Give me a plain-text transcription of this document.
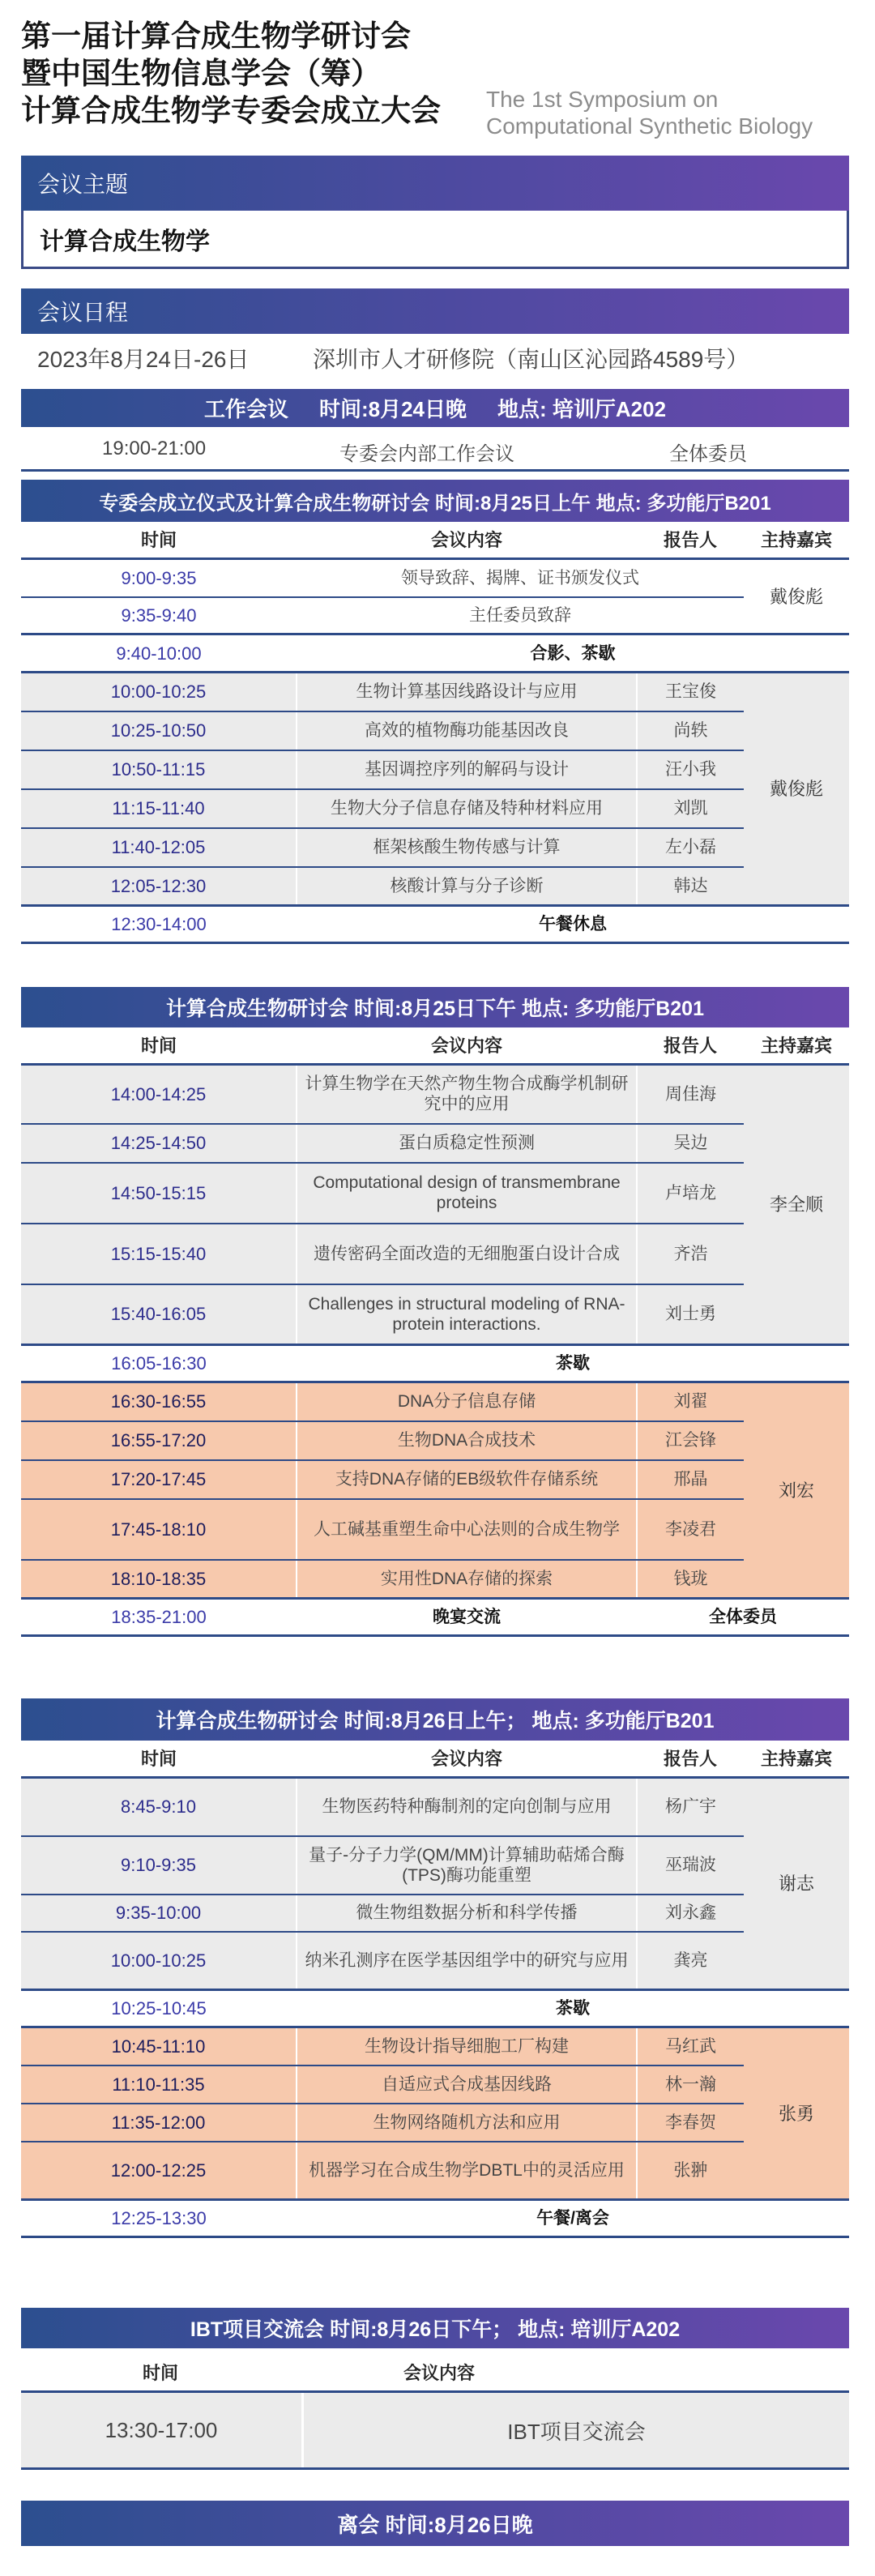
第一届计算合成生物学研讨会
暨中国生物信息学会（筹）
计算合成生物学专委会成立大会	The 1st Symposium on
Computational Synthetic Biology
会议主题
计算合成生物学
会议日程
2023年8月24日-26日	深圳市人才研修院（南山区沁园路4589号）
工作会议 时间:8月24日晚 地点: 培训厅A202
19:00-21:00	专委会内部工作会议	全体委员
专委会成立仪式及计算合成生物研讨会 时间:8月25日上午 地点: 多功能厅B201
时间	会议内容	报告人	主持嘉宾
9:00-9:35	领导致辞、揭牌、证书颁发仪式		戴俊彪
9:35-9:40	主任委员致辞		
9:40-10:00	合影、茶歇		
10:00-10:25	生物计算基因线路设计与应用	王宝俊	戴俊彪
10:25-10:50	高效的植物酶功能基因改良	尚轶	
10:50-11:15	基因调控序列的解码与设计	汪小我	
11:15-11:40	生物大分子信息存储及特种材料应用	刘凯	
11:40-12:05	框架核酸生物传感与计算	左小磊	
12:05-12:30	核酸计算与分子诊断	韩达	
12:30-14:00	午餐休息		
计算合成生物研讨会 时间:8月25日下午 地点: 多功能厅B201
时间	会议内容	报告人	主持嘉宾
14:00-14:25	计算生物学在天然产物生物合成酶学机制研究中的应用	周佳海	李全顺
14:25-14:50	蛋白质稳定性预测	吴边	
14:50-15:15	Computational design of transmembrane proteins	卢培龙	
15:15-15:40	遗传密码全面改造的无细胞蛋白设计合成	齐浩	
15:40-16:05	Challenges in structural modeling of RNA-protein interactions.	刘士勇	
16:05-16:30	茶歇		
16:30-16:55	DNA分子信息存储	刘翟	刘宏
16:55-17:20	生物DNA合成技术	江会锋	
17:20-17:45	支持DNA存储的EB级软件存储系统	邢晶	
17:45-18:10	人工碱基重塑生命中心法则的合成生物学	李凌君	
18:10-18:35	实用性DNA存储的探索	钱珑	
18:35-21:00	晚宴交流	全体委员	
计算合成生物研讨会 时间:8月26日上午； 地点: 多功能厅B201
时间	会议内容	报告人	主持嘉宾
8:45-9:10	生物医药特种酶制剂的定向创制与应用	杨广宇	谢志
9:10-9:35	量子-分子力学(QM/MM)计算辅助萜烯合酶(TPS)酶功能重塑	巫瑞波	
9:35-10:00	微生物组数据分析和科学传播	刘永鑫	
10:00-10:25	纳米孔测序在医学基因组学中的研究与应用	龚亮	
10:25-10:45	茶歇		
10:45-11:10	生物设计指导细胞工厂构建	马红武	张勇
11:10-11:35	自适应式合成基因线路	林一瀚	
11:35-12:00	生物网络随机方法和应用	李春贺	
12:00-12:25	机器学习在合成生物学DBTL中的灵活应用	张翀	
12:25-13:30	午餐/离会		
IBT项目交流会 时间:8月26日下午； 地点: 培训厅A202
时间	会议内容
13:30-17:00	IBT项目交流会
离会 时间:8月26日晚
